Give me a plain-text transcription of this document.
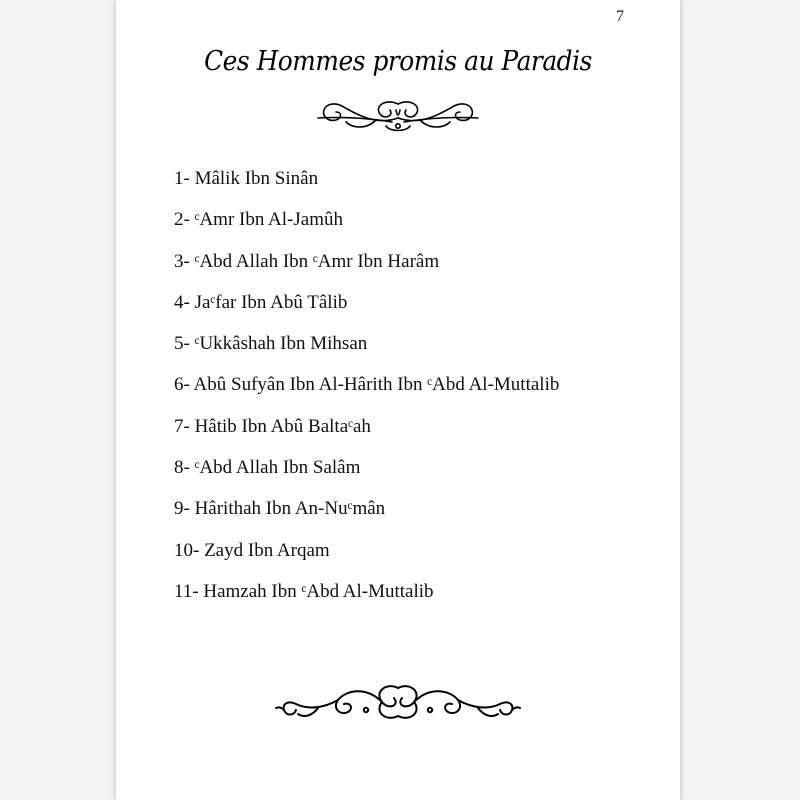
7
Ces Hommes promis au Paradis
1- Mâlik Ibn Sinân
2- ᶜAmr Ibn Al-Jamûh
3- ᶜAbd Allah Ibn ᶜAmr Ibn Harâm
4- Jaᶜfar Ibn Abû Tâlib
5- ᶜUkkâshah Ibn Mihsan
6- Abû Sufyân Ibn Al-Hârith Ibn ᶜAbd Al-Muttalib
7- Hâtib Ibn Abû Baltaᶜah
8- ᶜAbd Allah Ibn Salâm
9- Hârithah Ibn An-Nuᶜmân
10- Zayd Ibn Arqam
11- Hamzah Ibn ᶜAbd Al-Muttalib
